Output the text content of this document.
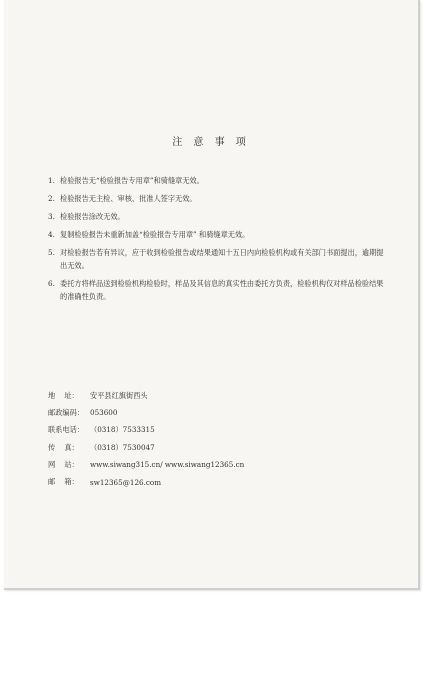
注 意 事 项
1. 检验报告无“检验报告专用章”和骑缝章无效。
2. 检验报告无主检、审核、批准人签字无效。
3. 检验报告涂改无效。
4. 复制检验报告未重新加盖“检验报告专用章” 和骑缝章无效。
5. 对检验报告若有异议，应于收到检验报告或结果通知十五日内向检验机构或有关部门书面提出，逾期提出无效。
6. 委托方将样品送到检验机构检验时，样品及其信息的真实性由委托方负责，检验机构仅对样品检验结果的准确性负责。
地    址：	安平县红旗街西头
邮政编码： 053600
联系电话： （0318）7533315
传    真：	（0318）7530047
网    站：	www.siwang315.cn/ www.siwang12365.cn
邮    箱：	sw12365@126.com
